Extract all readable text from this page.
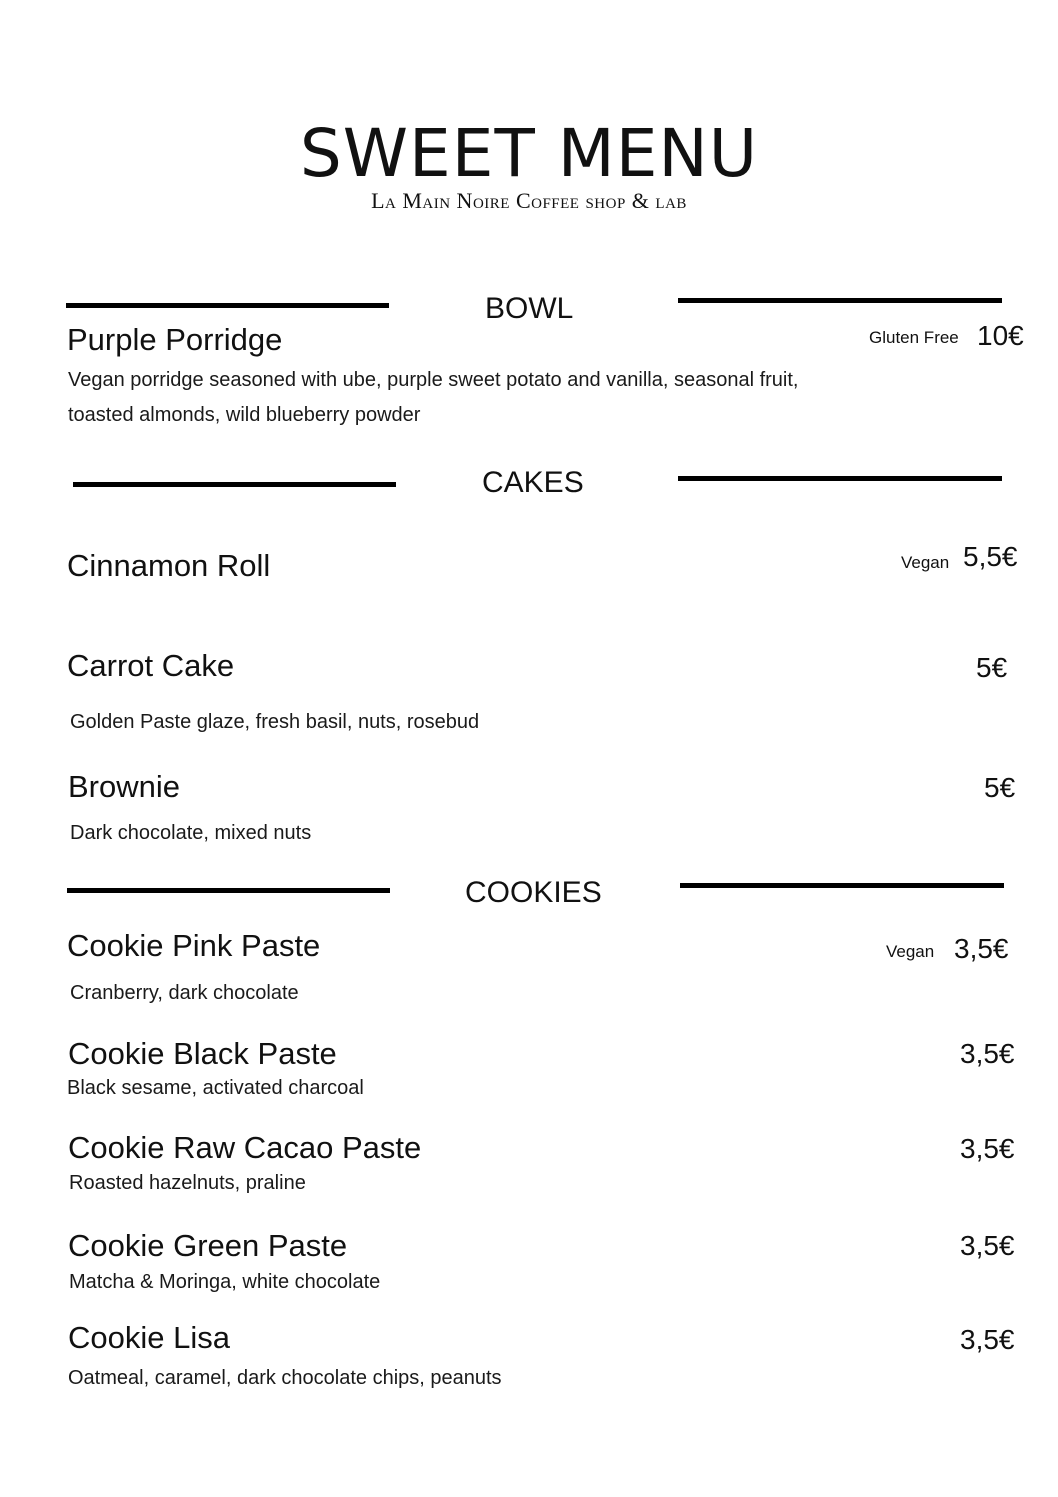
SWEET MENU
La Main Noire Coffee shop & lab
BOWL
Purple Porridge	Gluten Free 10€
Vegan porridge seasoned with ube, purple sweet potato and vanilla, seasonal fruit,
toasted almonds, wild blueberry powder
CAKES
Cinnamon Roll	Vegan 5,5€
Carrot Cake	5€
Golden Paste glaze, fresh basil, nuts, rosebud
Brownie	5€
Dark chocolate, mixed nuts
COOKIES
Cookie Pink Paste	Vegan 3,5€
Cranberry, dark chocolate
Cookie Black Paste	3,5€
Black sesame, activated charcoal
Cookie Raw Cacao Paste	3,5€
Roasted hazelnuts, praline
Cookie Green Paste	3,5€
Matcha & Moringa, white chocolate
Cookie Lisa	3,5€
Oatmeal, caramel, dark chocolate chips, peanuts
